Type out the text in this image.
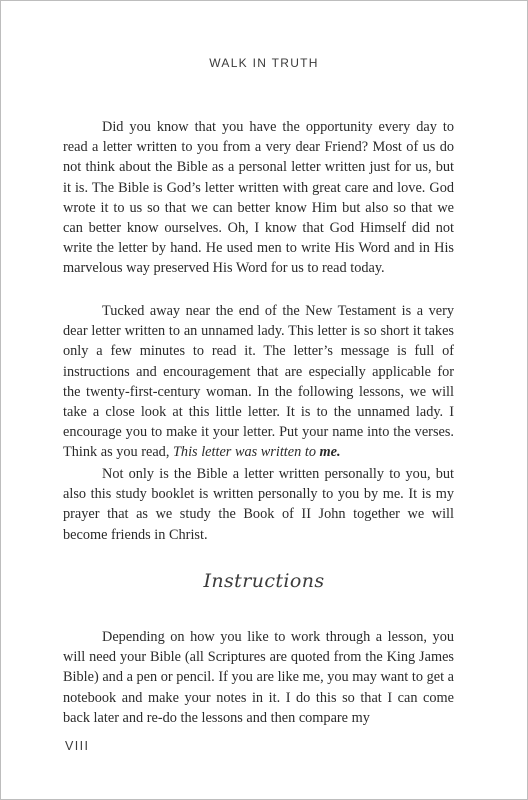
WALK IN TRUTH

Did you know that you have the opportunity every day to read a letter written to you from a very dear Friend? Most of us do not think about the Bible as a personal letter written just for us, but it is. The Bible is God’s letter written with great care and love. God wrote it to us so that we can better know Him but also so that we can better know ourselves. Oh, I know that God Himself did not write the letter by hand. He used men to write His Word and in His marvelous way preserved His Word for us to read today.

Tucked away near the end of the New Testament is a very dear letter written to an unnamed lady. This letter is so short it takes only a few minutes to read it. The letter’s message is full of instructions and encouragement that are especially applicable for the twenty-first-century woman. In the following lessons, we will take a close look at this little letter. It is to the unnamed lady. I encourage you to make it your letter. Put your name into the verses. Think as you read, This letter was written to me.

Not only is the Bible a letter written personally to you, but also this study booklet is written personally to you by me. It is my prayer that as we study the Book of II John together we will become friends in Christ.

Instructions

Depending on how you like to work through a lesson, you will need your Bible (all Scriptures are quoted from the King James Bible) and a pen or pencil. If you are like me, you may want to get a notebook and make your notes in it. I do this so that I can come back later and re-do the lessons and then compare my

VIII
